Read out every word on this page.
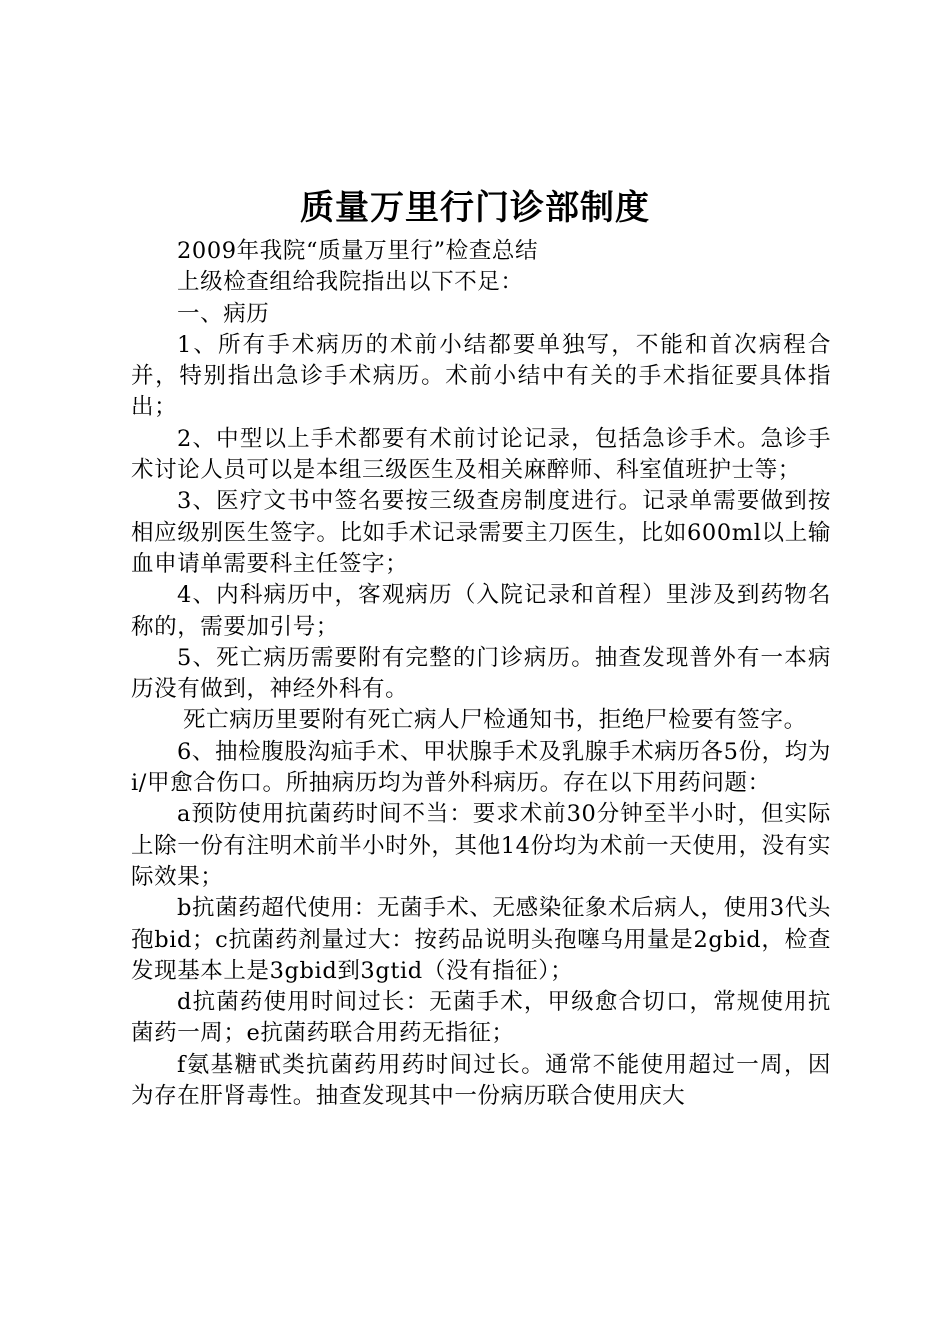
质量万里行门诊部制度

2009年我院“质量万里行”检查总结

上级检查组给我院指出以下不足：

一、病历

1、所有手术病历的术前小结都要单独写，不能和首次病程合并，特别指出急诊手术病历。术前小结中有关的手术指征要具体指出；

2、中型以上手术都要有术前讨论记录，包括急诊手术。急诊手术讨论人员可以是本组三级医生及相关麻醉师、科室值班护士等；

3、医疗文书中签名要按三级查房制度进行。记录单需要做到按相应级别医生签字。比如手术记录需要主刀医生，比如600ml以上输血申请单需要科主任签字；

4、内科病历中，客观病历（入院记录和首程）里涉及到药物名称的，需要加引号；

5、死亡病历需要附有完整的门诊病历。抽查发现普外有一本病历没有做到，神经外科有。

死亡病历里要附有死亡病人尸检通知书，拒绝尸检要有签字。

6、抽检腹股沟疝手术、甲状腺手术及乳腺手术病历各5份，均为i/甲愈合伤口。所抽病历均为普外科病历。存在以下用药问题：

a预防使用抗菌药时间不当：要求术前30分钟至半小时，但实际上除一份有注明术前半小时外，其他14份均为术前一天使用，没有实际效果；

b抗菌药超代使用：无菌手术、无感染征象术后病人，使用3代头孢bid；c抗菌药剂量过大：按药品说明头孢噻乌用量是2gbid，检查发现基本上是3gbid到3gtid（没有指征）；

d抗菌药使用时间过长：无菌手术，甲级愈合切口，常规使用抗菌药一周；e抗菌药联合用药无指征；

f氨基糖甙类抗菌药用药时间过长。通常不能使用超过一周，因为存在肝肾毒性。抽查发现其中一份病历联合使用庆大
